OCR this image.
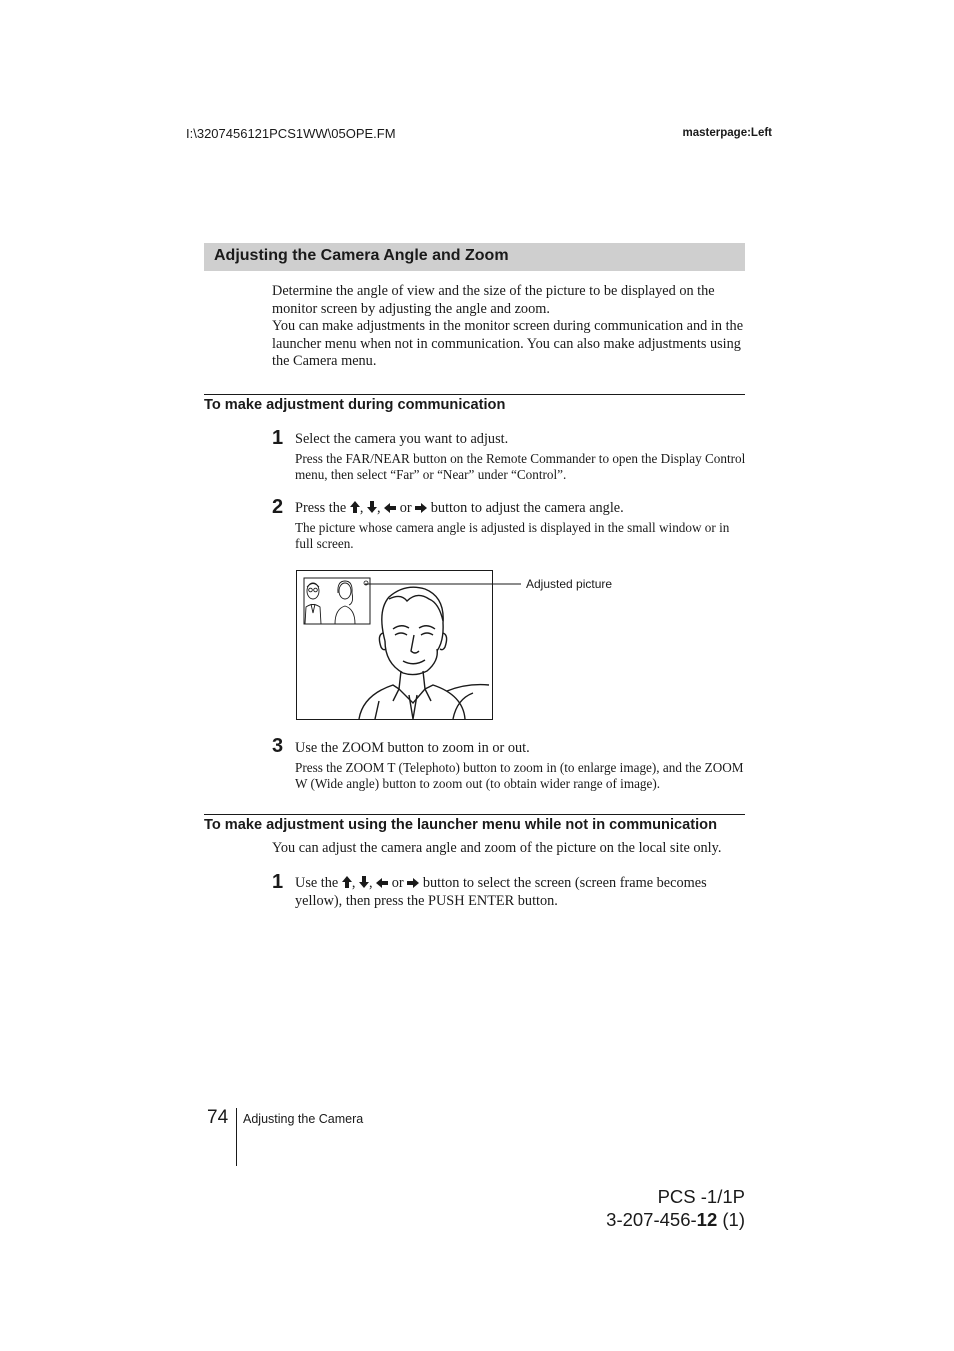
I:\3207456121PCS1WW\05OPE.FM	masterpage:Left
Adjusting the Camera Angle and Zoom
Determine the angle of view and the size of the picture to be displayed on the monitor screen by adjusting the angle and zoom.
You can make adjustments in the monitor screen during communication and in the launcher menu when not in communication. You can also make adjustments using the Camera menu.
To make adjustment during communication
1 Select the camera you want to adjust.
Press the FAR/NEAR button on the Remote Commander to open the Display Control menu, then select “Far” or “Near” under “Control”.
2 Press the , , or button to adjust the camera angle.
The picture whose camera angle is adjusted is displayed in the small window or in full screen.
Adjusted picture
3 Use the ZOOM button to zoom in or out.
Press the ZOOM T (Telephoto) button to zoom in (to enlarge image), and the ZOOM W (Wide angle) button to zoom out (to obtain wider range of image).
To make adjustment using the launcher menu while not in communication
You can adjust the camera angle and zoom of the picture on the local site only.
1 Use the , , or button to select the screen (screen frame becomes
yellow), then press the PUSH ENTER button.
74 Adjusting the Camera
PCS -1/1P
3-207-456-12 (1)
